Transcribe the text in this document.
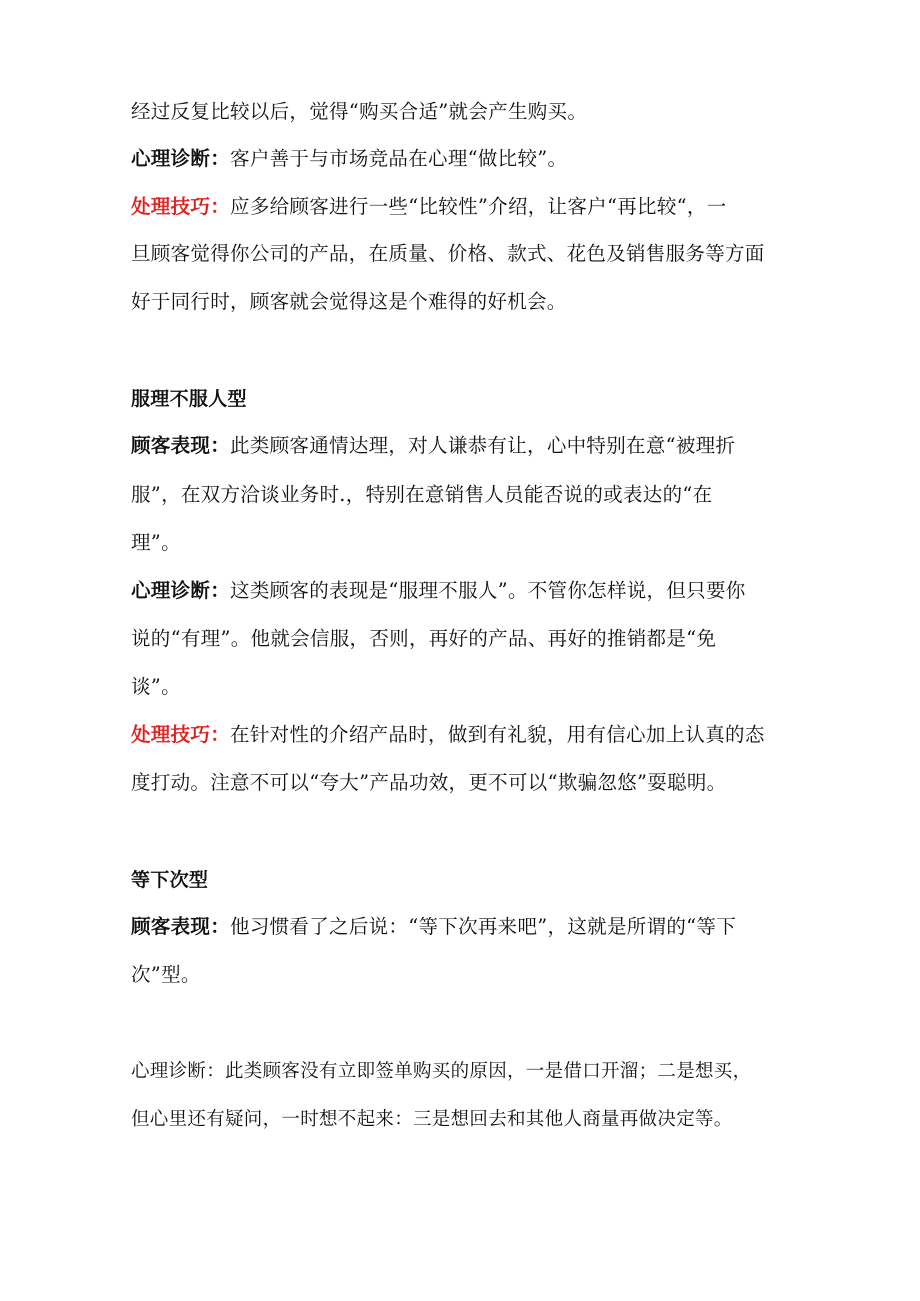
经过反复比较以后，觉得“购买合适”就会产生购买。
心理诊断：客户善于与市场竞品在心理“做比较”。
处理技巧：应多给顾客进行一些“比较性”介绍，让客户“再比较“，一
旦顾客觉得你公司的产品，在质量、价格、款式、花色及销售服务等方面
好于同行时，顾客就会觉得这是个难得的好机会。
服理不服人型
顾客表现：此类顾客通情达理，对人谦恭有让，心中特别在意“被理折
服”，在双方洽谈业务时.，特别在意销售人员能否说的或表达的“在
理”。
心理诊断：这类顾客的表现是“服理不服人”。不管你怎样说，但只要你
说的“有理”。他就会信服，否则，再好的产品、再好的推销都是“免
谈”。
处理技巧：在针对性的介绍产品时，做到有礼貌，用有信心加上认真的态
度打动。注意不可以“夸大”产品功效，更不可以“欺骗忽悠”耍聪明。
等下次型
顾客表现：他习惯看了之后说：“等下次再来吧”，这就是所谓的“等下
次”型。
心理诊断：此类顾客没有立即签单购买的原因，一是借口开溜；二是想买，
但心里还有疑问，一时想不起来：三是想回去和其他人商量再做决定等。
